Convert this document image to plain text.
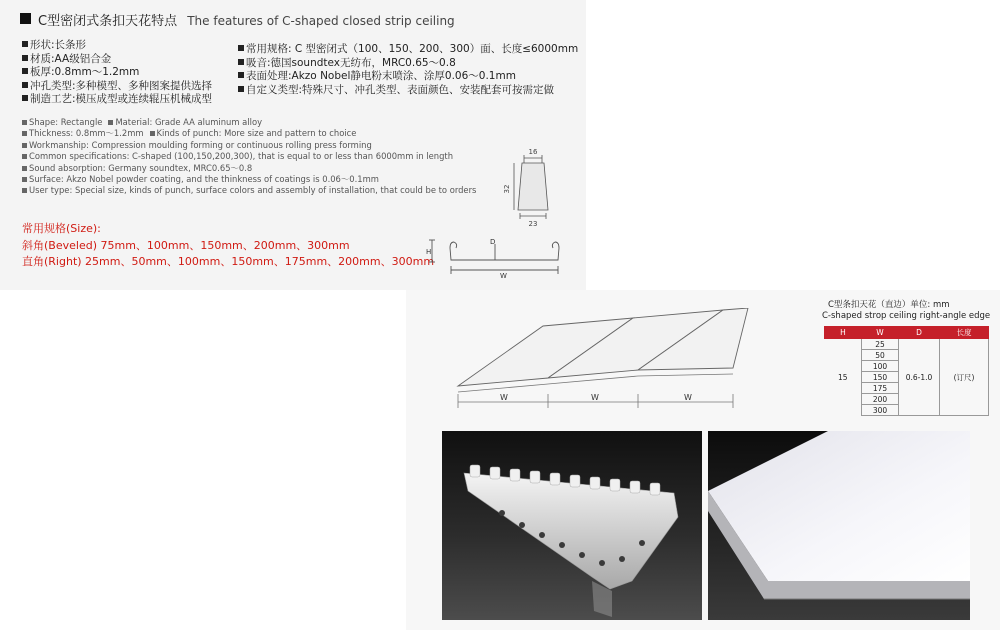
C型密闭式条扣天花特点 The features of C-shaped closed strip ceiling
形状:长条形
材质:AA级铝合金
板厚:0.8mm～1.2mm
冲孔类型:多种模型、多种图案提供选择
制造工艺:模压成型或连续辊压机械成型
常用规格: C 型密闭式（100、150、200、300）面、长度≤6000mm
吸音:德国soundtex无纺布，MRC0.65～0.8
表面处理:Akzo Nobel静电粉末喷涂、涂厚0.06～0.1mm
自定义类型:特殊尺寸、冲孔类型、表面颜色、安装配套可按需定做
Shape: Rectangle Material: Grade AA aluminum alloy
Thickness: 0.8mm～1.2mm Kinds of punch: More size and pattern to choice
Workmanship: Compression moulding forming or continuous rolling press forming
Common specifications: C-shaped (100,150,200,300), that is equal to or less than 6000mm in length
Sound absorption: Germany soundtex, MRC0.65～0.8
Surface: Akzo Nobel powder coating, and the thinkness of coatings is 0.06～0.1mm
User type: Special size, kinds of punch, surface colors and assembly of installation, that could be to orders
常用规格(Size):
斜角(Beveled) 75mm、100mm、150mm、200mm、300mm
直角(Right) 25mm、50mm、100mm、150mm、175mm、200mm、300mm
16
32
23
H
D
W
W	W	W
C型条扣天花（直边）单位: mm
C-shaped strop ceiling right-angle edge
H	W	D	长度
15	25	0.6-1.0	(订尺)
	50		
	100		
	150		
	175		
	200		
	300		
